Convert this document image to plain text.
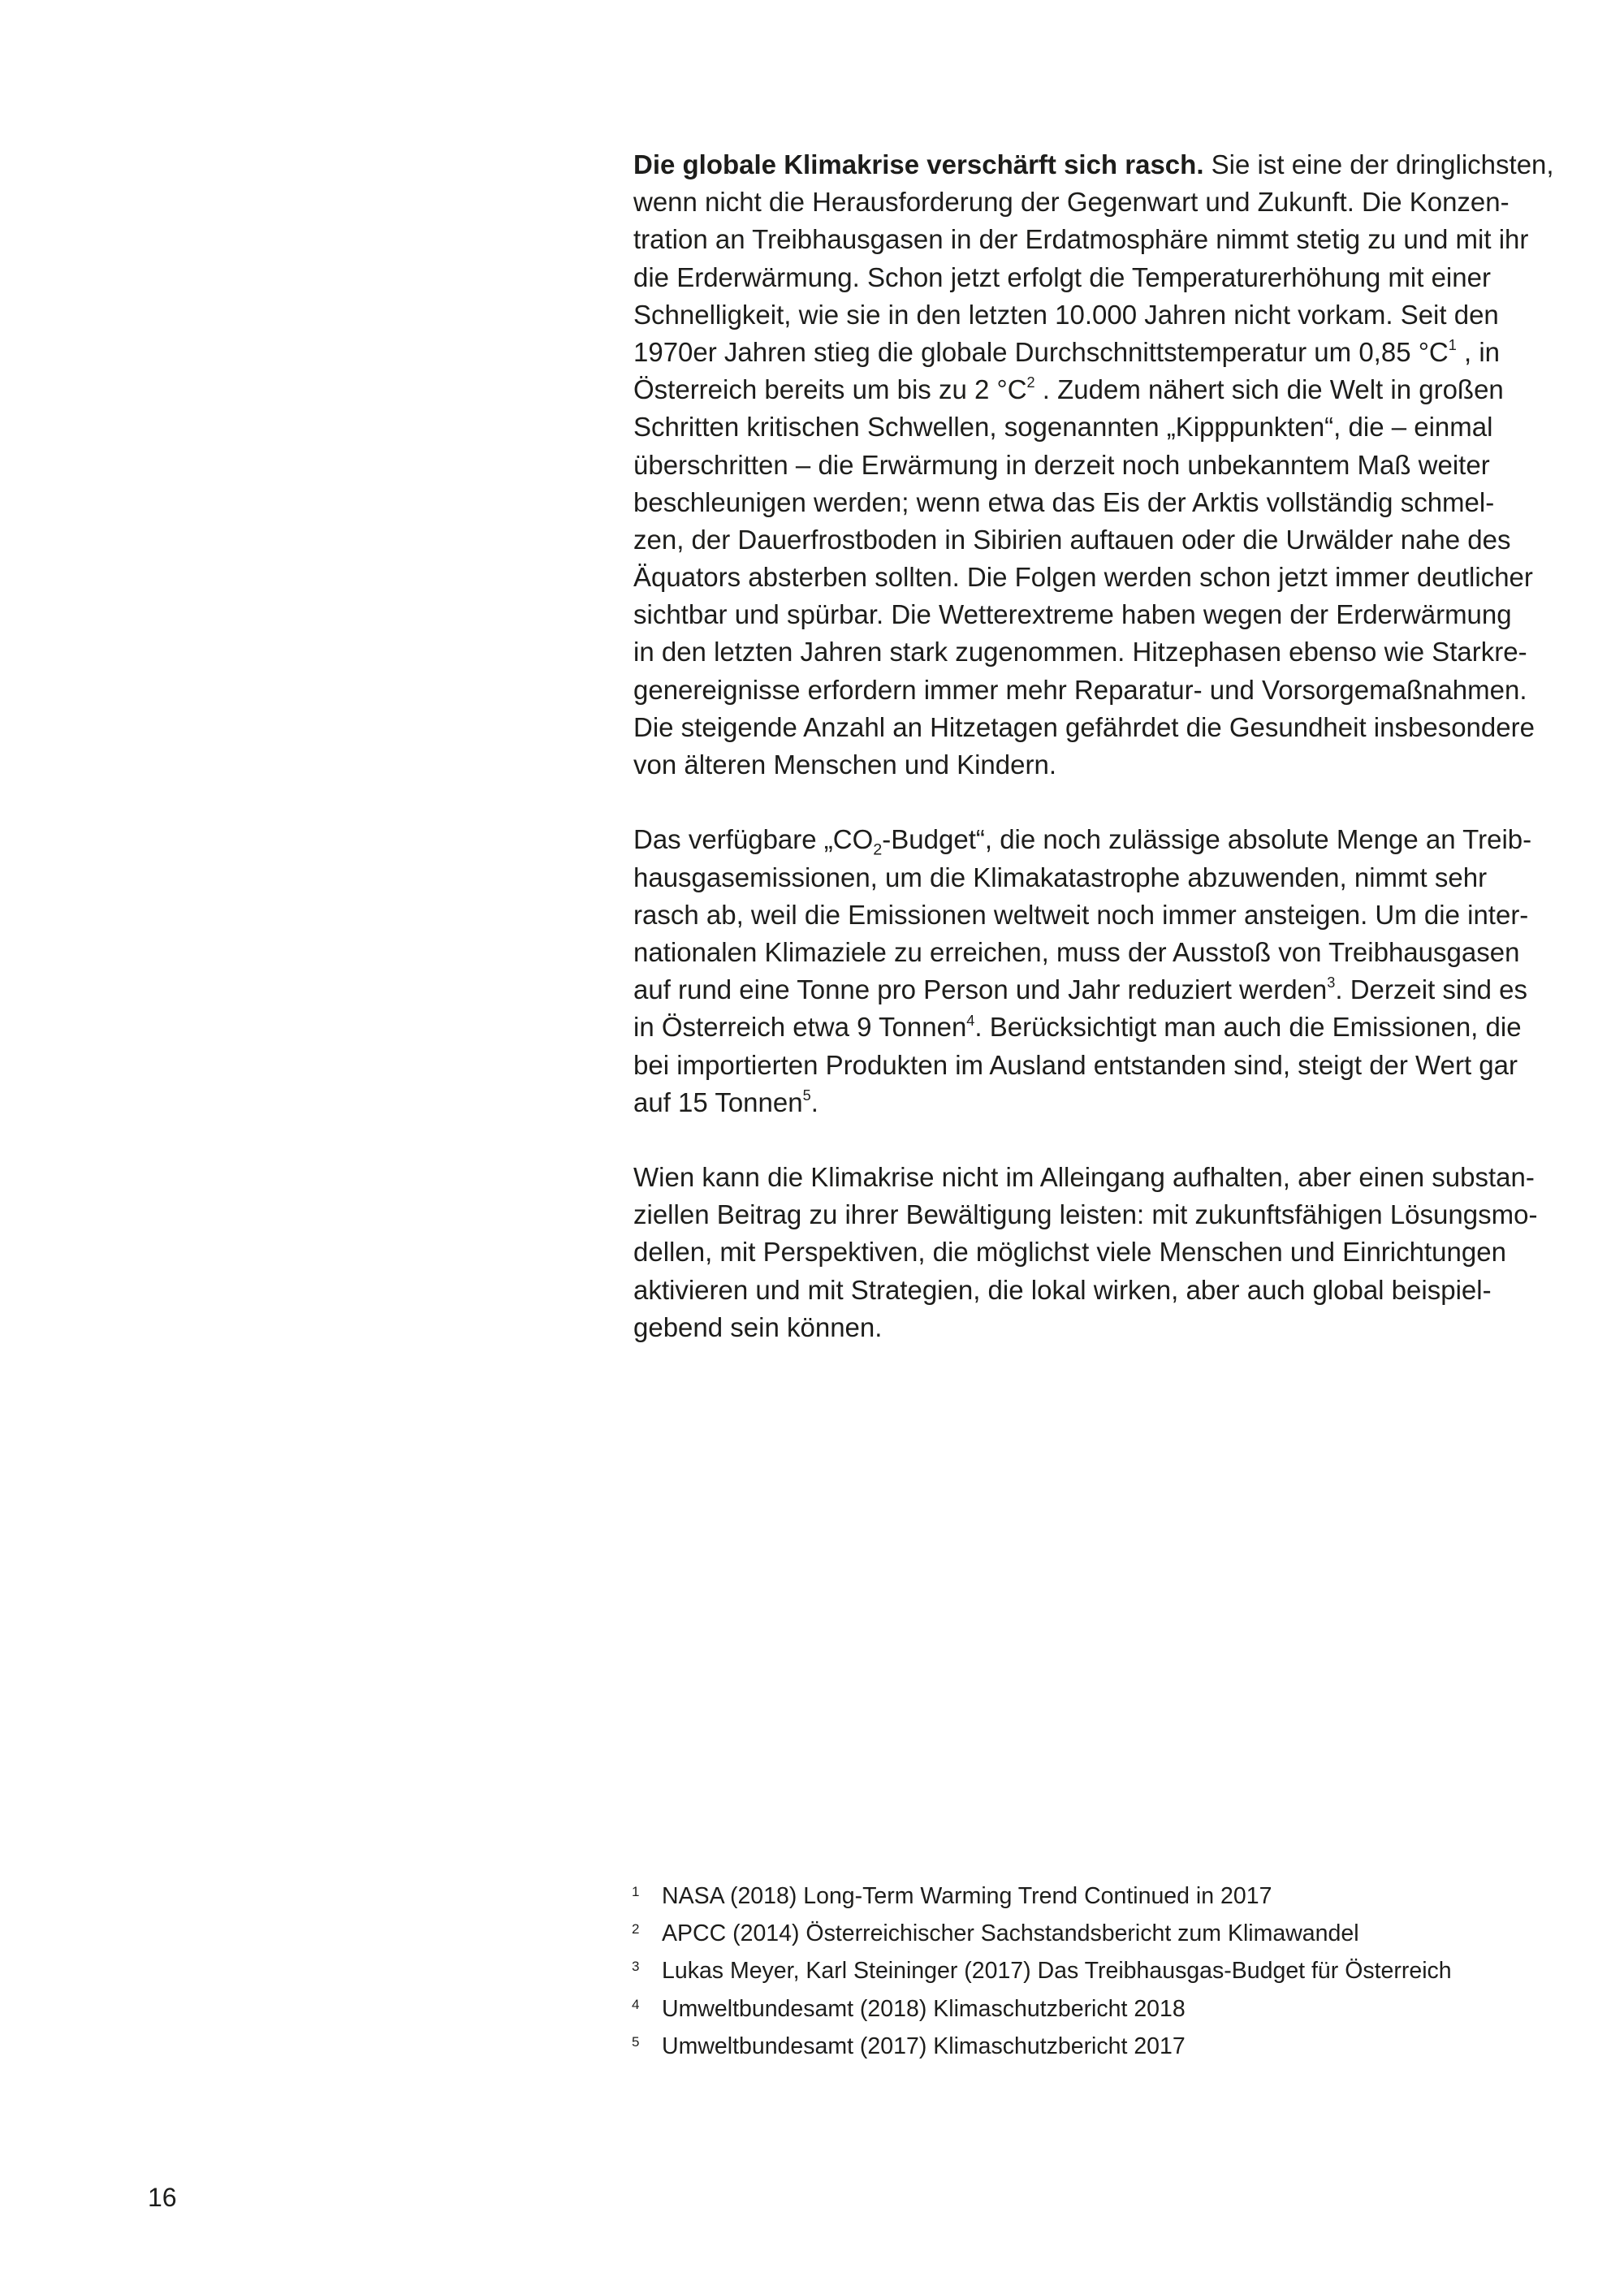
Die globale Klimakrise verschärft sich rasch. Sie ist eine der dringlichsten,
wenn nicht die Herausforderung der Gegenwart und Zukunft. Die Konzen-
tration an Treibhausgasen in der Erdatmosphäre nimmt stetig zu und mit ihr
die Erderwärmung. Schon jetzt erfolgt die Temperaturerhöhung mit einer
Schnelligkeit, wie sie in den letzten 10.000 Jahren nicht vorkam. Seit den
1970er Jahren stieg die globale Durchschnittstemperatur um 0,85 $^\circ C^1$ , in
Österreich bereits um bis zu 2 $^\circ C^2$ . Zudem nähert sich die Welt in großen
Schritten kritischen Schwellen, sogenannten „Kipppunkten“, die – einmal
überschritten – die Erwärmung in derzeit noch unbekanntem Maß weiter
beschleunigen werden; wenn etwa das Eis der Arktis vollständig schmel-
zen, der Dauerfrostboden in Sibirien auftauen oder die Urwälder nahe des
Äquators absterben sollten. Die Folgen werden schon jetzt immer deutlicher
sichtbar und spürbar. Die Wetterextreme haben wegen der Erderwärmung
in den letzten Jahren stark zugenommen. Hitzephasen ebenso wie Starkre-
genereignisse erfordern immer mehr Reparatur- und Vorsorgemaßnahmen.
Die steigende Anzahl an Hitzetagen gefährdet die Gesundheit insbesondere
von älteren Menschen und Kindern.

Das verfügbare $„CO_2-Budget“$, die noch zulässige absolute Menge an Treib-
hausgasemissionen, um die Klimakatastrophe abzuwenden, nimmt sehr
rasch ab, weil die Emissionen weltweit noch immer ansteigen. Um die inter-
nationalen Klimaziele zu erreichen, muss der Ausstoß von Treibhausgasen
auf rund eine Tonne pro Person und Jahr reduziert werden$^3$. Derzeit sind es
in Österreich etwa 9 Tonnen$^4$. Berücksichtigt man auch die Emissionen, die
bei importierten Produkten im Ausland entstanden sind, steigt der Wert gar
auf 15 Tonnen$^5$.

Wien kann die Klimakrise nicht im Alleingang aufhalten, aber einen substan-
ziellen Beitrag zu ihrer Bewältigung leisten: mit zukunftsfähigen Lösungsmo-
dellen, mit Perspektiven, die möglichst viele Menschen und Einrichtungen
aktivieren und mit Strategien, die lokal wirken, aber auch global beispiel-
gebend sein können.

1 NASA (2018) Long-Term Warming Trend Continued in 2017
2 APCC (2014) Österreichischer Sachstandsbericht zum Klimawandel
3 Lukas Meyer, Karl Steininger (2017) Das Treibhausgas-Budget für Österreich
4 Umweltbundesamt (2018) Klimaschutzbericht 2018
5 Umweltbundesamt (2017) Klimaschutzbericht 2017
16
